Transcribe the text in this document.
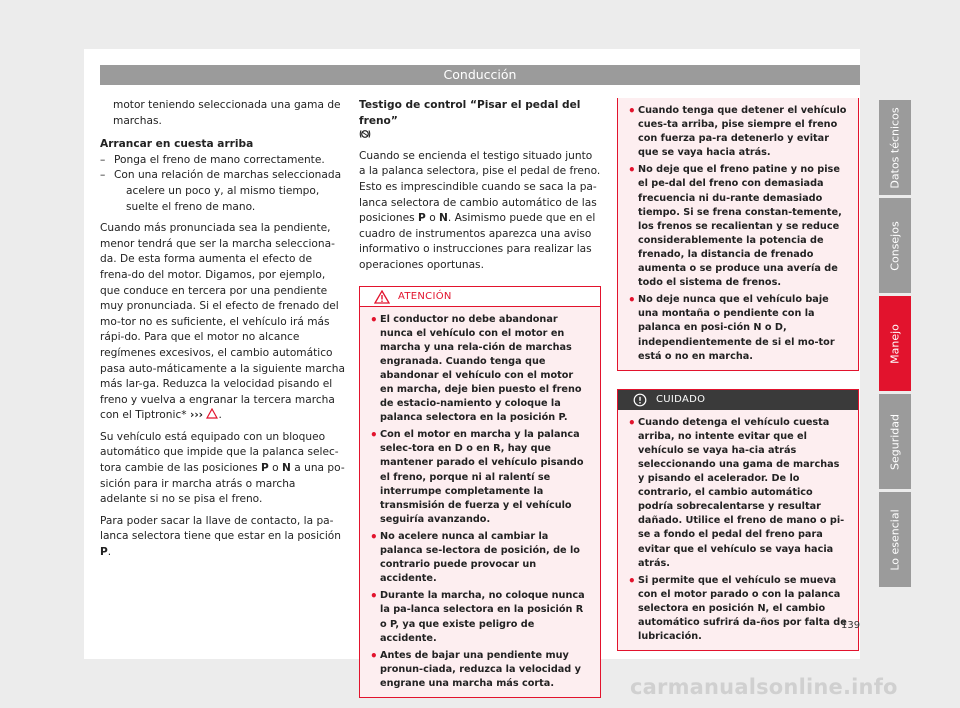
Conducción

motor teniendo seleccionada una gama de marchas.

Arrancar en cuesta arriba

– Ponga el freno de mano correctamente.
– Con una relación de marchas seleccionada
acelere un poco y, al mismo tiempo, suelte el freno de mano.

Cuando más pronunciada sea la pendiente, menor tendrá que ser la marcha selecciona-da. De esta forma aumenta el efecto de frena-do del motor. Digamos, por ejemplo, que conduce en tercera por una pendiente muy pronunciada. Si el efecto de frenado del mo-tor no es suficiente, el vehículo irá más rápi-do. Para que el motor no alcance regímenes excesivos, el cambio automático pasa auto-máticamente a la siguiente marcha más lar-ga. Reduzca la velocidad pisando el freno y vuelva a engranar la tercera marcha con el Tiptronic* ››› .

Su vehículo está equipado con un bloqueo automático que impide que la palanca selec-tora cambie de las posiciones P o N a una po-sición para ir marcha atrás o marcha adelante si no se pisa el freno.

Para poder sacar la llave de contacto, la pa-lanca selectora tiene que estar en la posición P.

Testigo de control “Pisar el pedal del freno”

Cuando se encienda el testigo situado junto a la palanca selectora, pise el pedal de freno. Esto es imprescindible cuando se saca la pa-lanca selectora de cambio automático de las posiciones P o N. Asimismo puede que en el cuadro de instrumentos aparezca una aviso informativo o instrucciones para realizar las operaciones oportunas.

ATENCIÓN
• El conductor no debe abandonar nunca el vehículo con el motor en marcha y una rela-ción de marchas engranada. Cuando tenga que abandonar el vehículo con el motor en marcha, deje bien puesto el freno de estacio-namiento y coloque la palanca selectora en la posición P.
• Con el motor en marcha y la palanca selec-tora en D o en R, hay que mantener parado el vehículo pisando el freno, porque ni al ralentí se interrumpe completamente la transmisión de fuerza y el vehículo seguiría avanzando.
• No acelere nunca al cambiar la palanca se-lectora de posición, de lo contrario puede provocar un accidente.
• Durante la marcha, no coloque nunca la pa-lanca selectora en la posición R o P, ya que existe peligro de accidente.
• Antes de bajar una pendiente muy pronun-ciada, reduzca la velocidad y engrane una marcha más corta.
• Cuando tenga que detener el vehículo cues-ta arriba, pise siempre el freno con fuerza pa-ra detenerlo y evitar que se vaya hacia atrás.
• No deje que el freno patine y no pise el pe-dal del freno con demasiada frecuencia ni du-rante demasiado tiempo. Si se frena constan-temente, los frenos se recalientan y se reduce considerablemente la potencia de frenado, la distancia de frenado aumenta o se produce una avería de todo el sistema de frenos.
• No deje nunca que el vehículo baje una montaña o pendiente con la palanca en posi-ción N o D, independientemente de si el mo-tor está o no en marcha.
CUIDADO
• Cuando detenga el vehículo cuesta arriba, no intente evitar que el vehículo se vaya ha-cia atrás seleccionando una gama de marchas y pisando el acelerador. De lo contrario, el cambio automático podría sobrecalentarse y resultar dañado. Utilice el freno de mano o pi-se a fondo el pedal del freno para evitar que el vehículo se vaya hacia atrás.
• Si permite que el vehículo se mueva con el motor parado o con la palanca selectora en posición N, el cambio automático sufrirá da-ños por falta de lubricación.
Datos técnicos
Consejos
Manejo
Seguridad
Lo esencial
139
carmanualsonline.info
